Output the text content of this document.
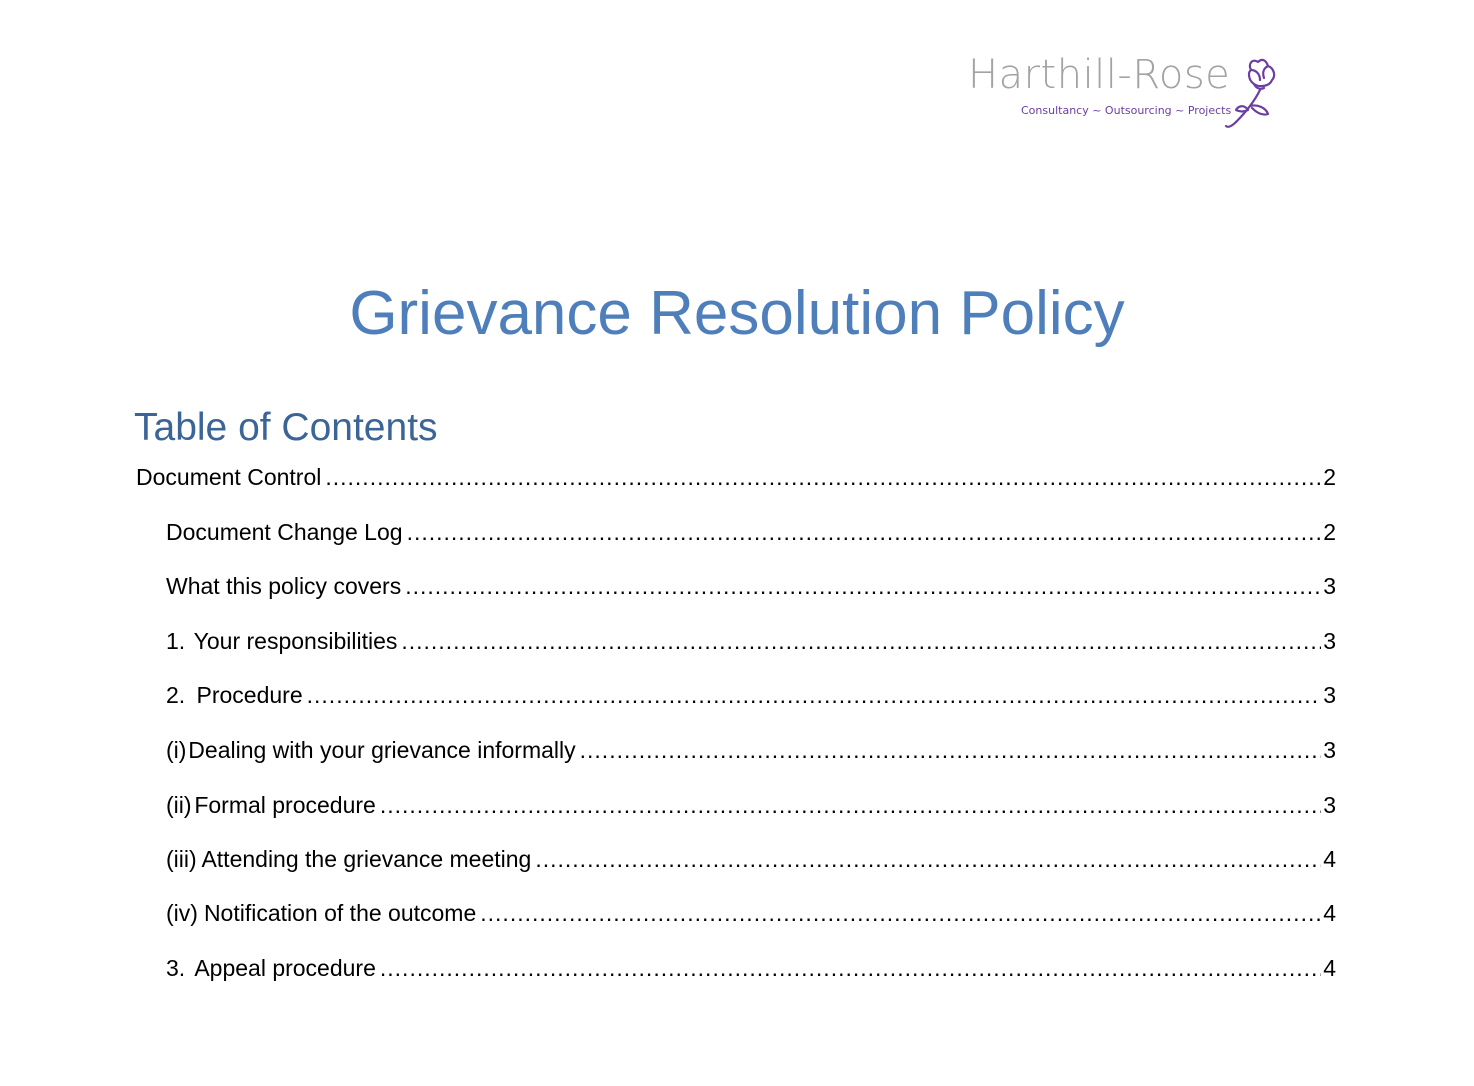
Harthill-Rose
Consultancy ~ Outsourcing ~ Projects
Grievance Resolution Policy
Table of Contents
Document Control .....	2
Document Change Log .....	2
What this policy covers .....	3
1. Your responsibilities .....	3
2. Procedure .....	3
(i) Dealing with your grievance informally .....	3
(ii) Formal procedure .....	3
(iii) Attending the grievance meeting .....	4
(iv) Notification of the outcome .....	4
3. Appeal procedure .....	4
